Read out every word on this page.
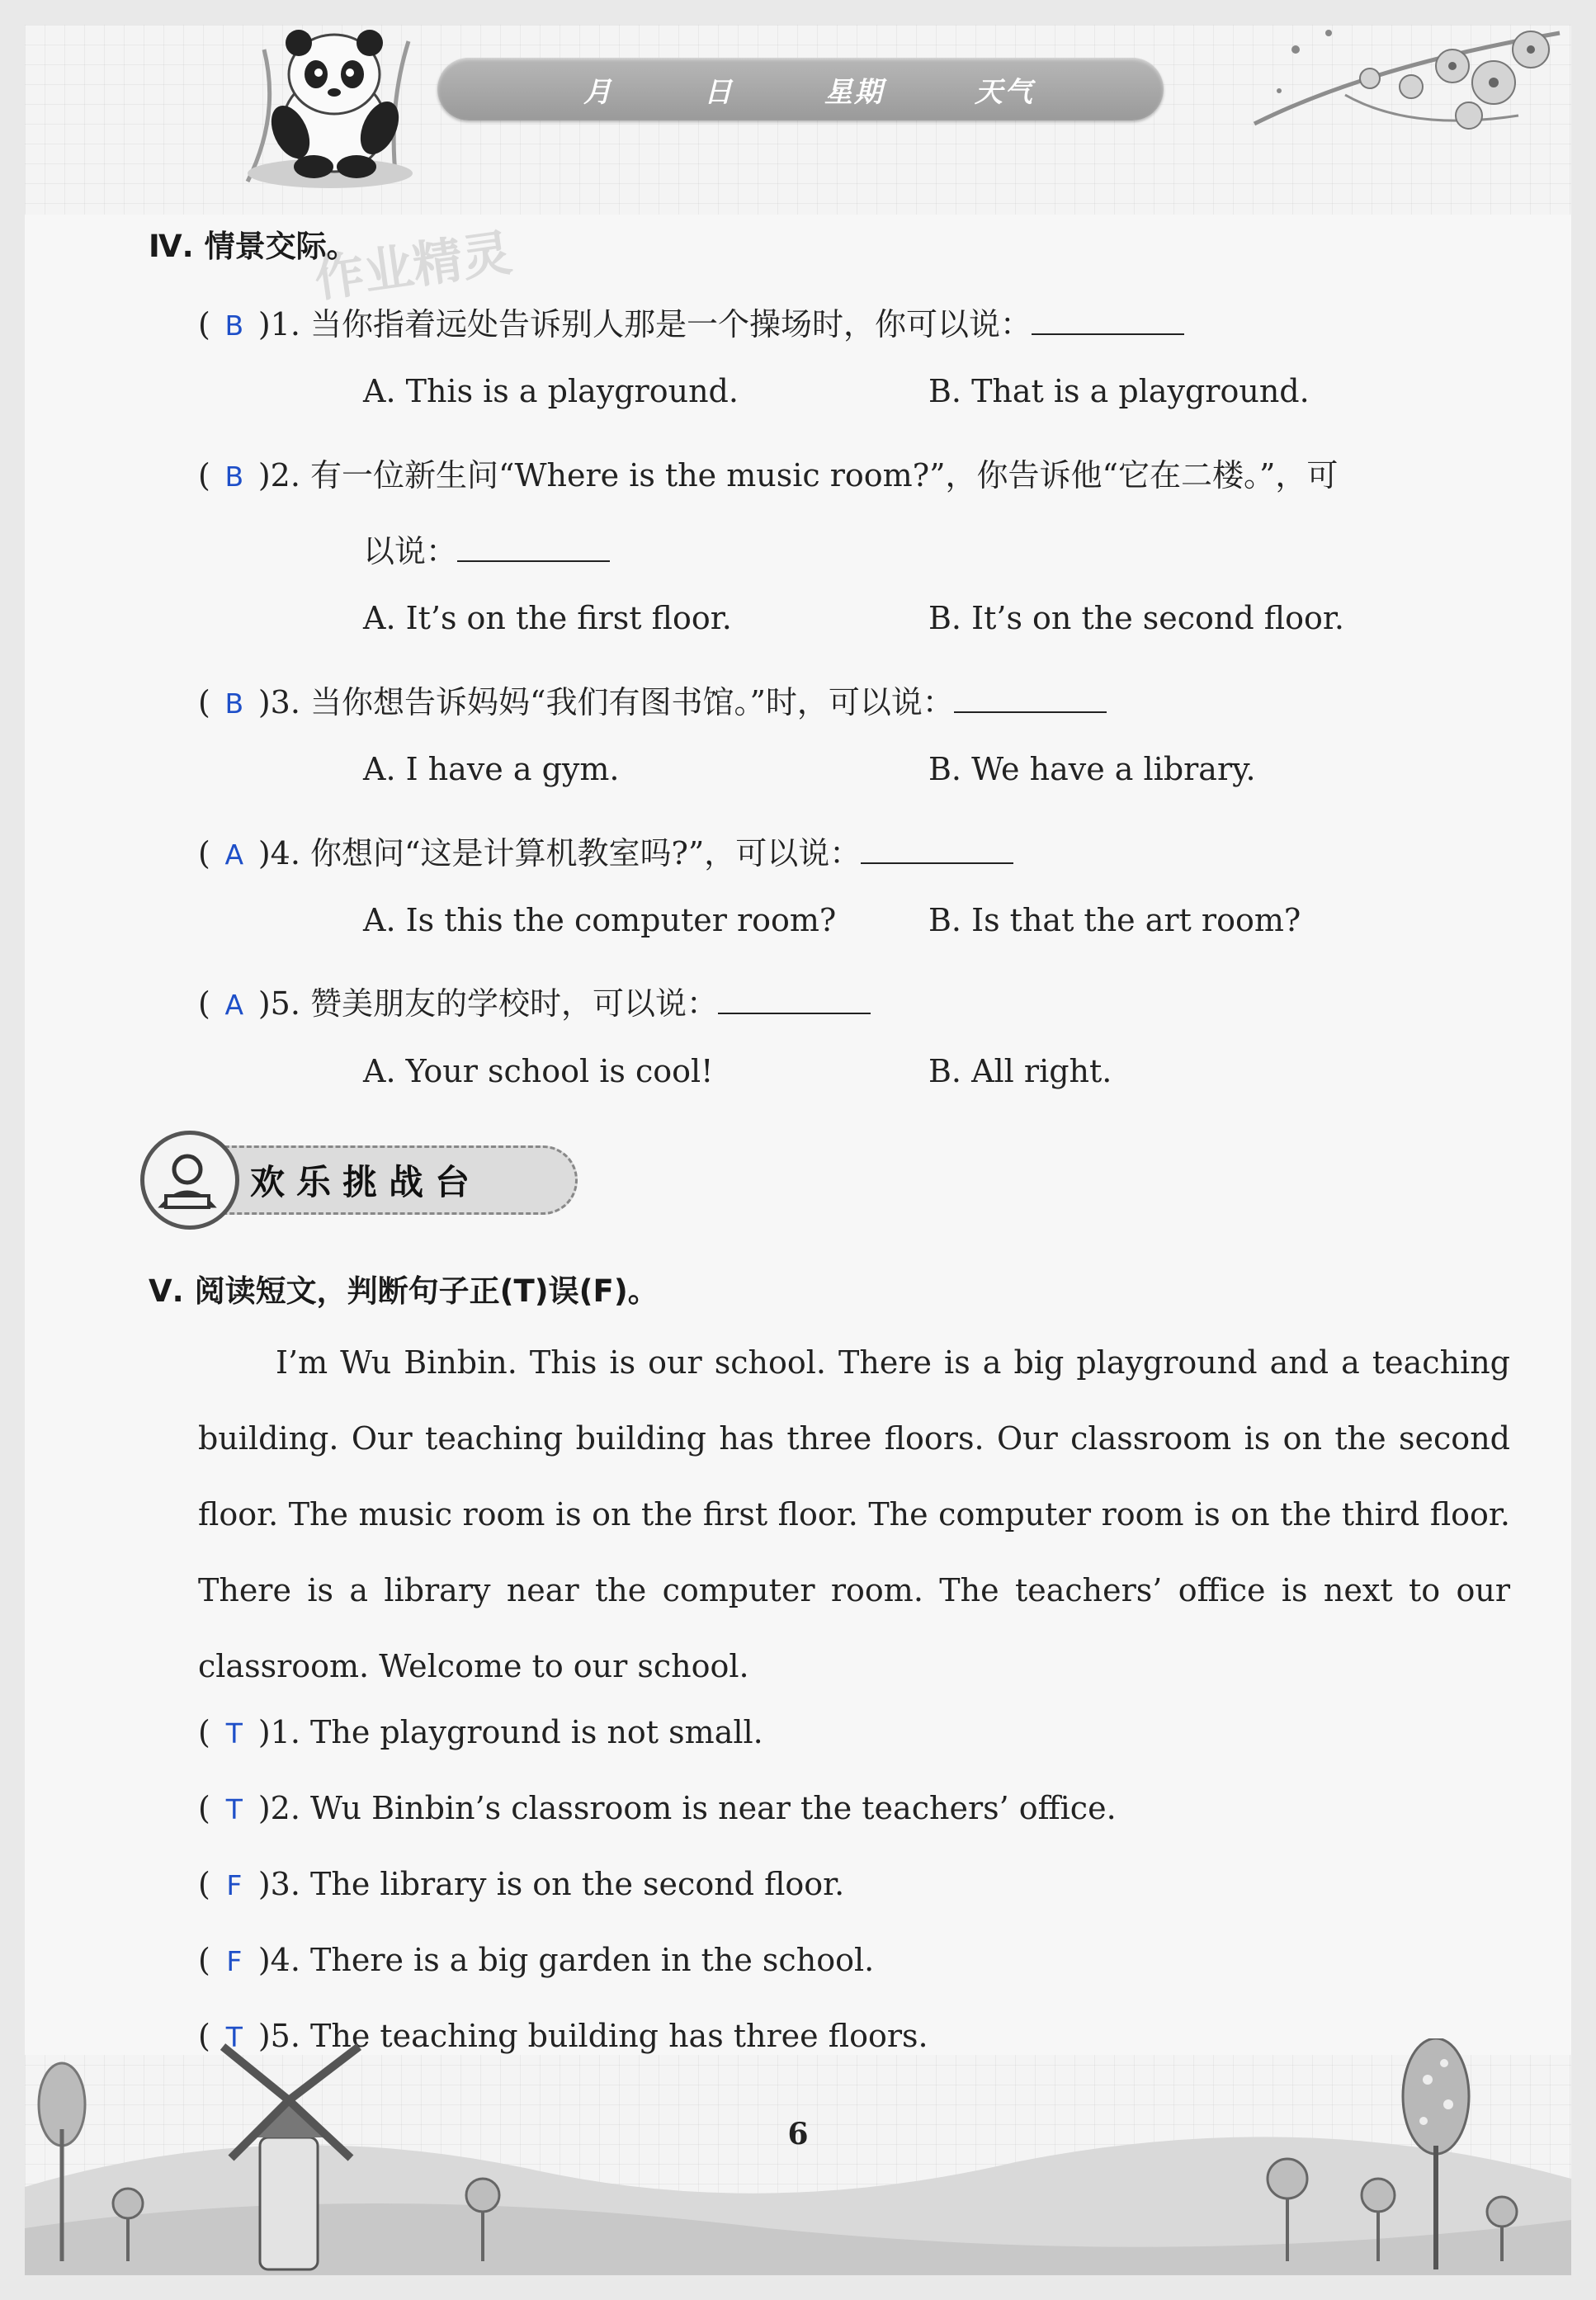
月	日	星期	天气
Ⅳ. 情景交际。
作业精灵
( B )1. 当你指着远处告诉别人那是一个操场时，你可以说：
A. This is a playground.	B. That is a playground.
( B )2. 有一位新生问“Where is the music room?”，你告诉他“它在二楼。”，可
以说：
A. It’s on the first floor.	B. It’s on the second floor.
( B )3. 当你想告诉妈妈“我们有图书馆。”时，可以说：
A. I have a gym.	B. We have a library.
( A )4. 你想问“这是计算机教室吗?”，可以说：
A. Is this the computer room?	B. Is that the art room?
( A )5. 赞美朋友的学校时，可以说：
A. Your school is cool!	B. All right.
欢乐挑战台
Ⅴ. 阅读短文，判断句子正(T)误(F)。

I’m Wu Binbin. This is our school. There is a big playground and a teaching building. Our teaching building has three floors. Our classroom is on the second floor. The music room is on the first floor. The computer room is on the third floor. There is a library near the computer room. The teachers’ office is next to our classroom. Welcome to our school.

( T )1. The playground is not small.
( T )2. Wu Binbin’s classroom is near the teachers’ office.
( F )3. The library is on the second floor.
( F )4. There is a big garden in the school.
( T )5. The teaching building has three floors.
6
